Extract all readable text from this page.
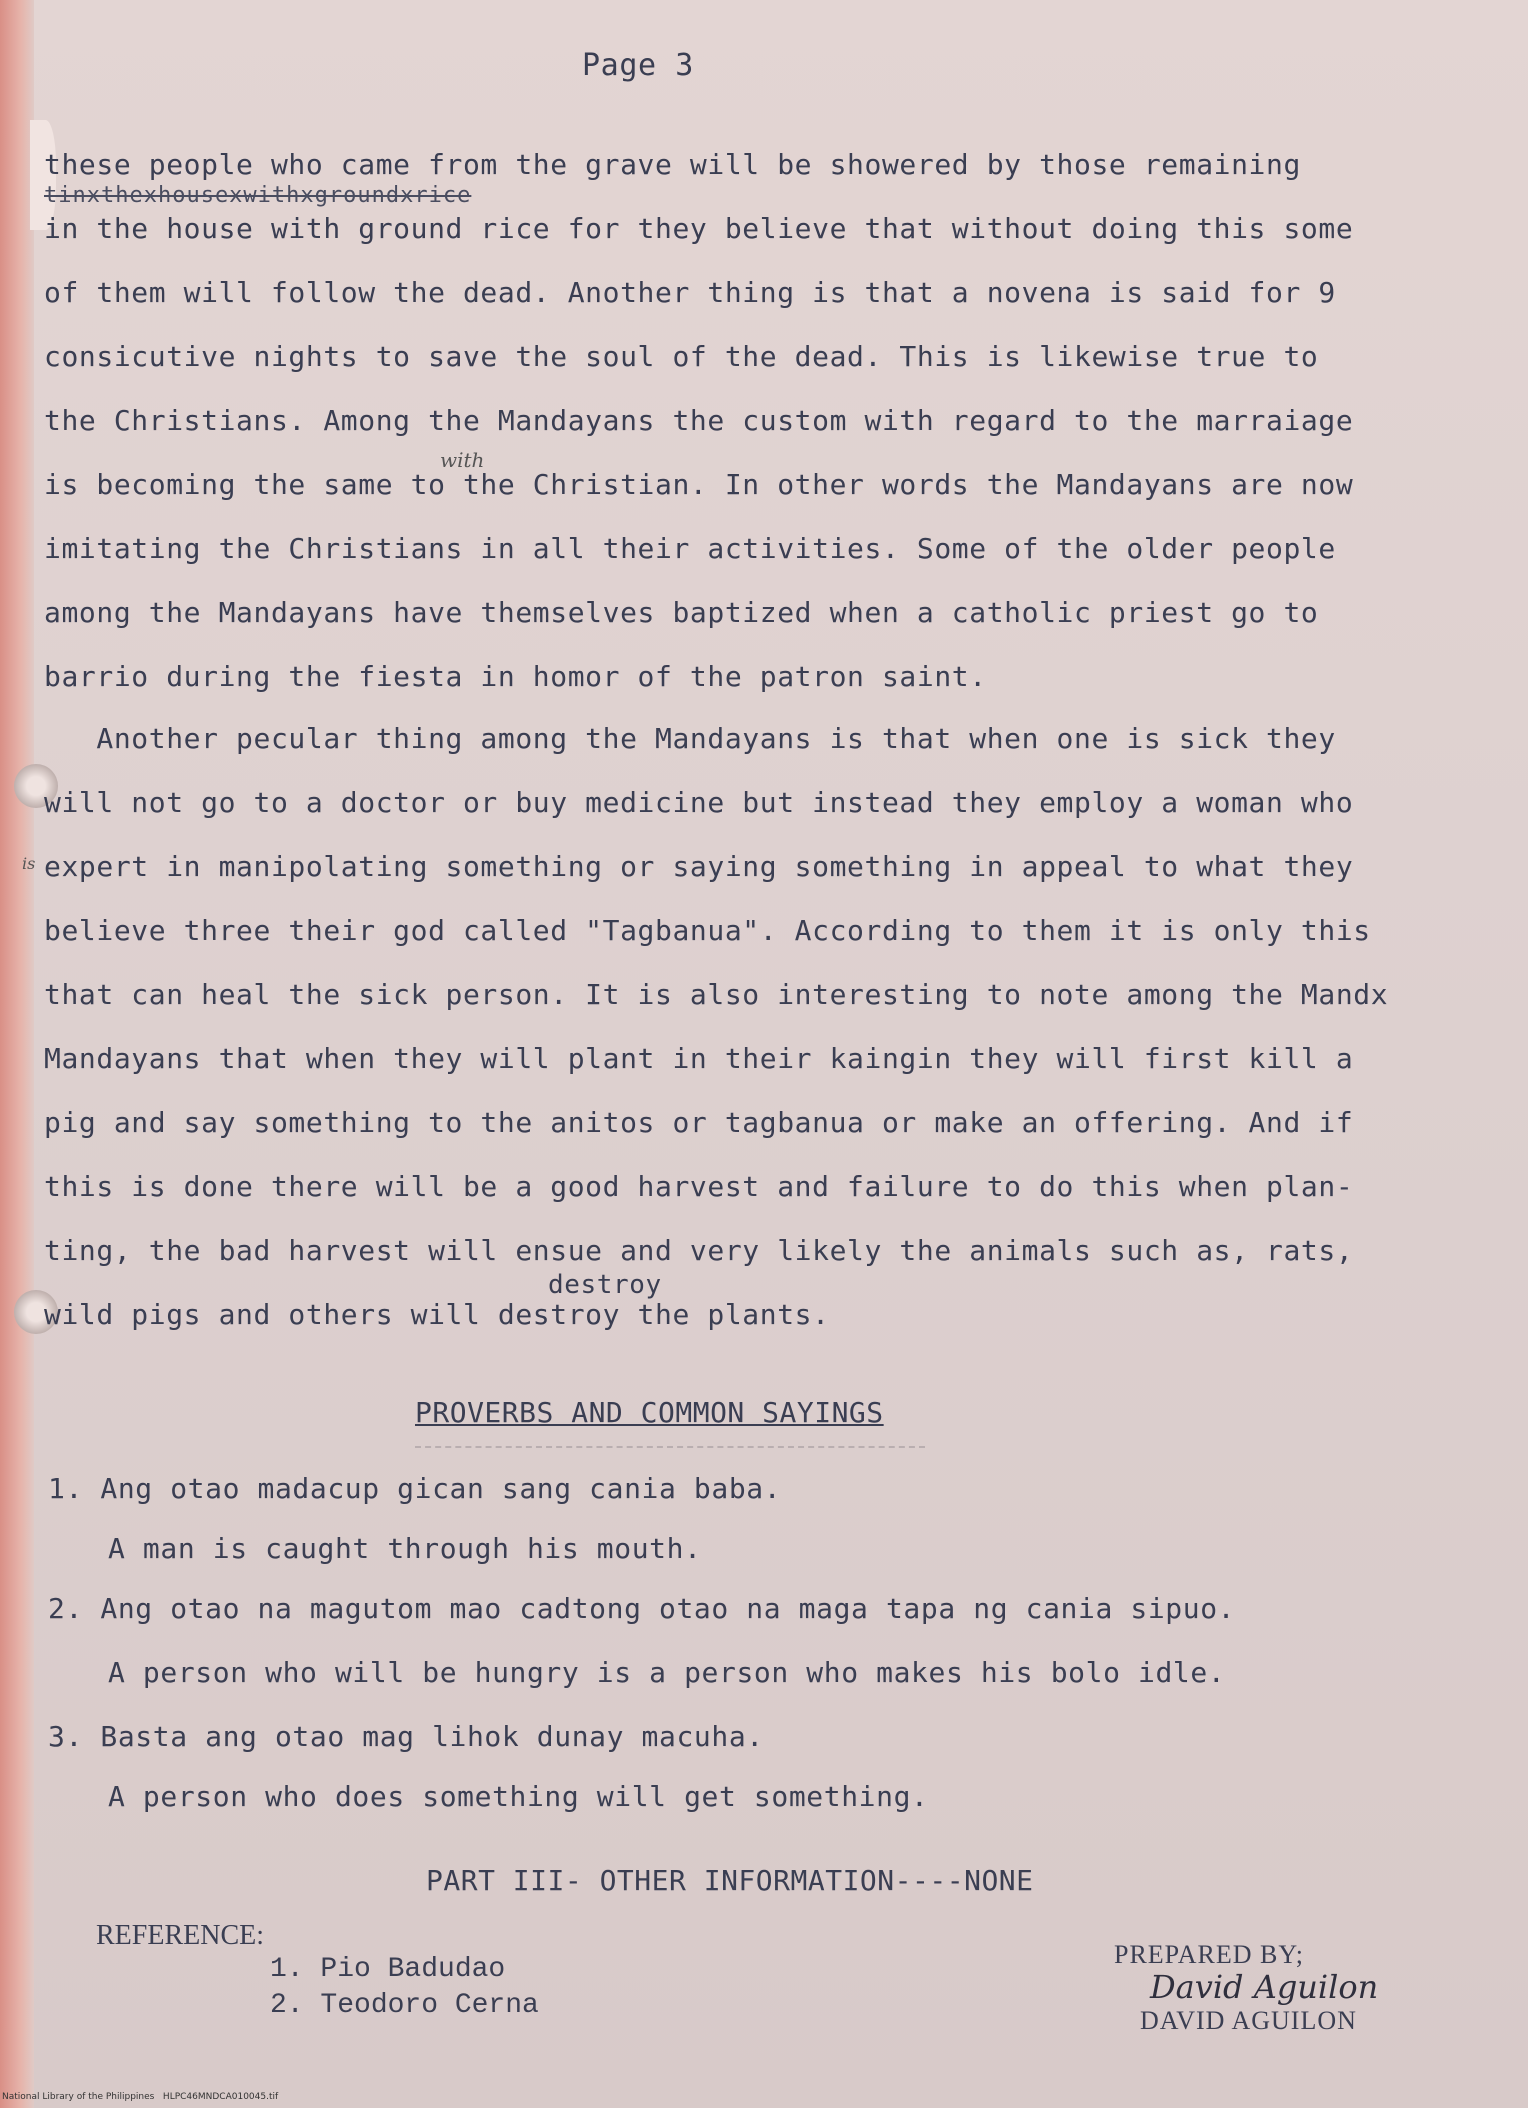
Page 3
these people who came from the grave will be showered by those remaining
tinxthexhousexwithxgroundxrice
in the house with ground rice for they believe that without doing this some
of them will follow the dead. Another thing is that a novena is said for 9
consicutive nights to save the soul of the dead. This is likewise true to
the Christians. Among the Mandayans the custom with regard to the marraiage
with
is becoming the same to the Christian. In other words the Mandayans are now
imitating the Christians in all their activities. Some of the older people
among the Mandayans have themselves baptized when a catholic priest go to
barrio during the fiesta in homor of the patron saint.
Another pecular thing among the Mandayans is that when one is sick they
will not go to a doctor or buy medicine but instead they employ a woman who
is expert in manipolating something or saying something in appeal to what they
believe three their god called "Tagbanua". According to them it is only this
that can heal the sick person. It is also interesting to note among the Mandx
Mandayans that when they will plant in their kaingin they will first kill a
pig and say something to the anitos or tagbanua or make an offering. And if
this is done there will be a good harvest and failure to do this when plan-
ting, the bad harvest will ensue and very likely the animals such as, rats,
destroy
wild pigs and others will destroy the plants.
PROVERBS AND COMMON SAYINGS
1. Ang otao madacup gican sang cania baba.
A man is caught through his mouth.
2. Ang otao na magutom mao cadtong otao na maga tapa ng cania sipuo.
A person who will be hungry is a person who makes his bolo idle.
3. Basta ang otao mag lihok dunay macuha.
A person who does something will get something.
PART III- OTHER INFORMATION----NONE
REFERENCE:
1. Pio Badudao
2. Teodoro Cerna
PREPARED BY;
David Aguilon
DAVID AGUILON
National Library of the Philippines   HLPC46MNDCA010045.tif
